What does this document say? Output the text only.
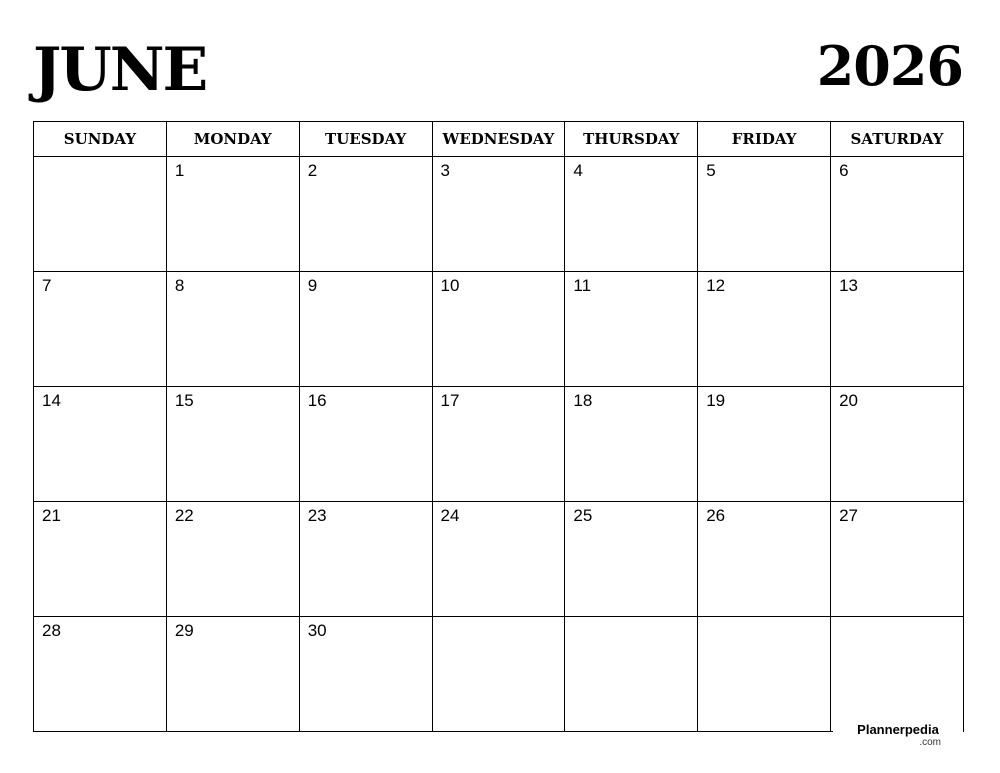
JUNE	2026
SUNDAY	MONDAY	TUESDAY	WEDNESDAY	THURSDAY	FRIDAY	SATURDAY

	1	2	3	4	5	6

7	8	9	10	11	12	13

14	15	16	17	18	19	20

21	22	23	24	25	26	27

28	29	30				

Plannerpedia
.com
